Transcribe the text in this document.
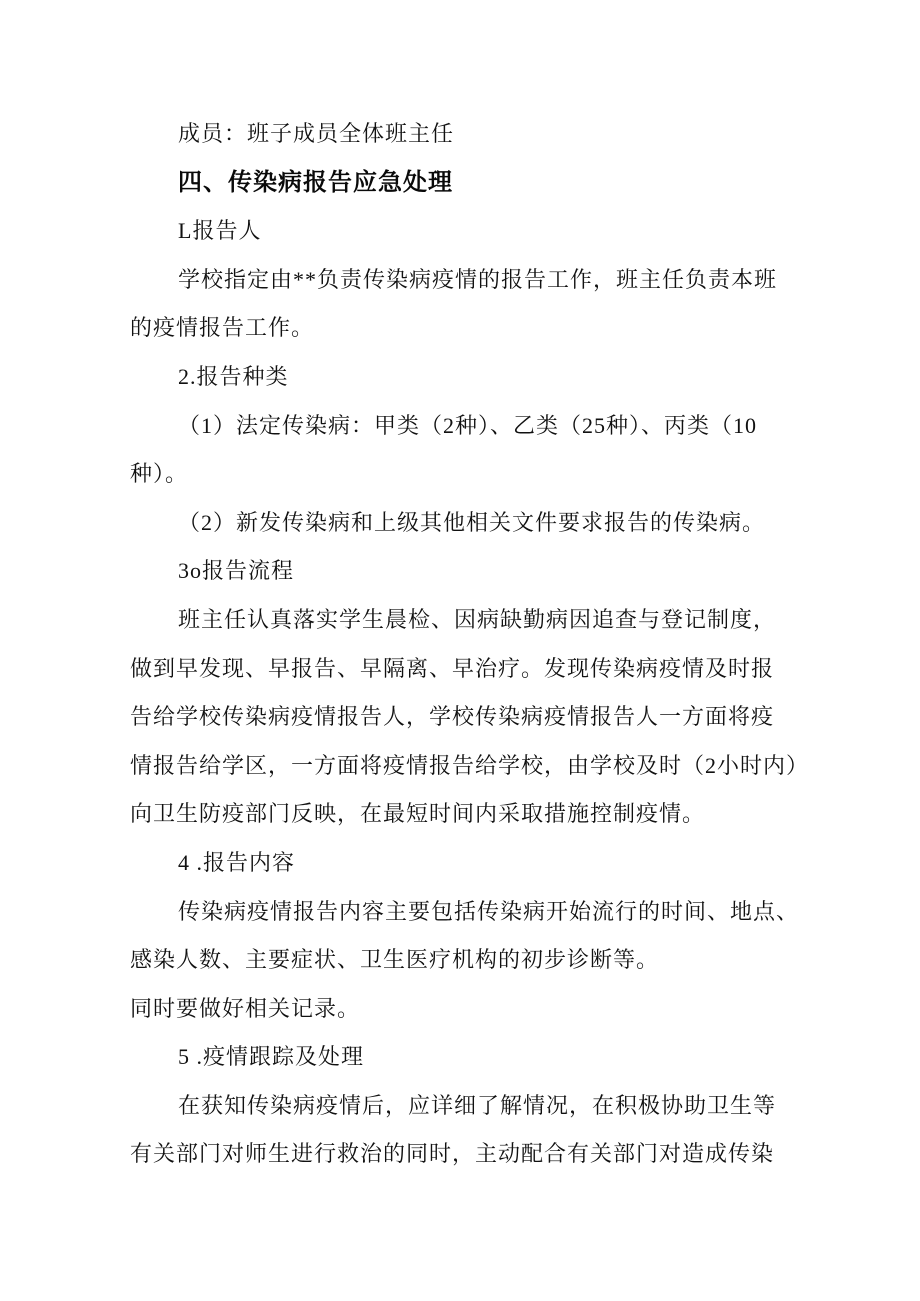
成员：班子成员全体班主任
四、传染病报告应急处理
L报告人
学校指定由**负责传染病疫情的报告工作，班主任负责本班
的疫情报告工作。
2.报告种类
（1）法定传染病：甲类（2种）、乙类（25种）、丙类（10
种）。
（2）新发传染病和上级其他相关文件要求报告的传染病。
3o报告流程
班主任认真落实学生晨检、因病缺勤病因追查与登记制度，
做到早发现、早报告、早隔离、早治疗。发现传染病疫情及时报
告给学校传染病疫情报告人，学校传染病疫情报告人一方面将疫
情报告给学区，一方面将疫情报告给学校，由学校及时（2小时内）
向卫生防疫部门反映，在最短时间内采取措施控制疫情。
4 .报告内容
传染病疫情报告内容主要包括传染病开始流行的时间、地点、
感染人数、主要症状、卫生医疗机构的初步诊断等。
同时要做好相关记录。
5 .疫情跟踪及处理
在获知传染病疫情后，应详细了解情况，在积极协助卫生等
有关部门对师生进行救治的同时，主动配合有关部门对造成传染
